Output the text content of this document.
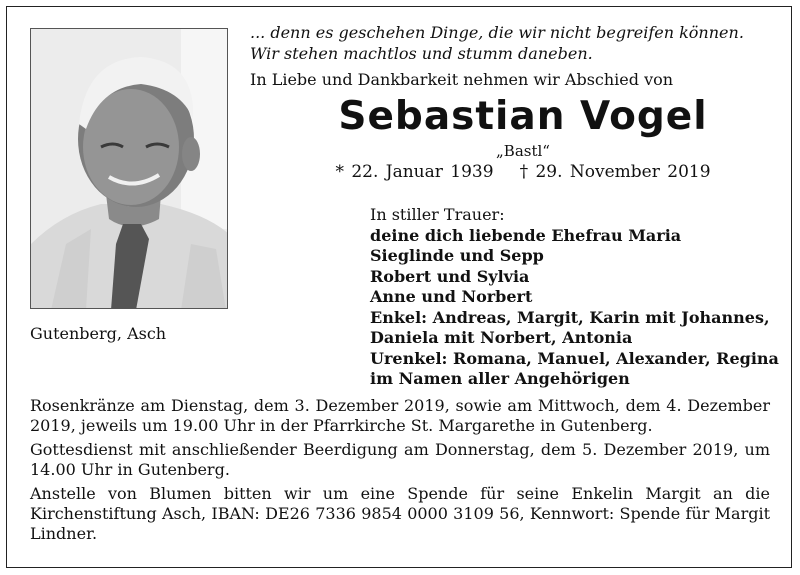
Gutenberg, Asch
... denn es geschehen Dinge, die wir nicht begreifen können.
Wir stehen machtlos und stumm daneben.
In Liebe und Dankbarkeit nehmen wir Abschied von
Sebastian Vogel
„Bastl“
* 22. Januar 1939 † 29. November 2019
In stiller Trauer:
deine dich liebende Ehefrau Maria
Sieglinde und Sepp
Robert und Sylvia
Anne und Norbert
Enkel: Andreas, Margit, Karin mit Johannes,
Daniela mit Norbert, Antonia
Urenkel: Romana, Manuel, Alexander, Regina
im Namen aller Angehörigen

Rosenkränze am Dienstag, dem 3. Dezember 2019, sowie am Mittwoch, dem 4. Dezember 2019, jeweils um 19.00 Uhr in der Pfarrkirche St. Margarethe in Gutenberg.

Gottesdienst mit anschließender Beerdigung am Donnerstag, dem 5. Dezember 2019, um 14.00 Uhr in Gutenberg.

Anstelle von Blumen bitten wir um eine Spende für seine Enkelin Margit an die Kirchenstiftung Asch, IBAN: DE26 7336 9854 0000 3109 56, Kennwort: Spende für Margit Lindner.
